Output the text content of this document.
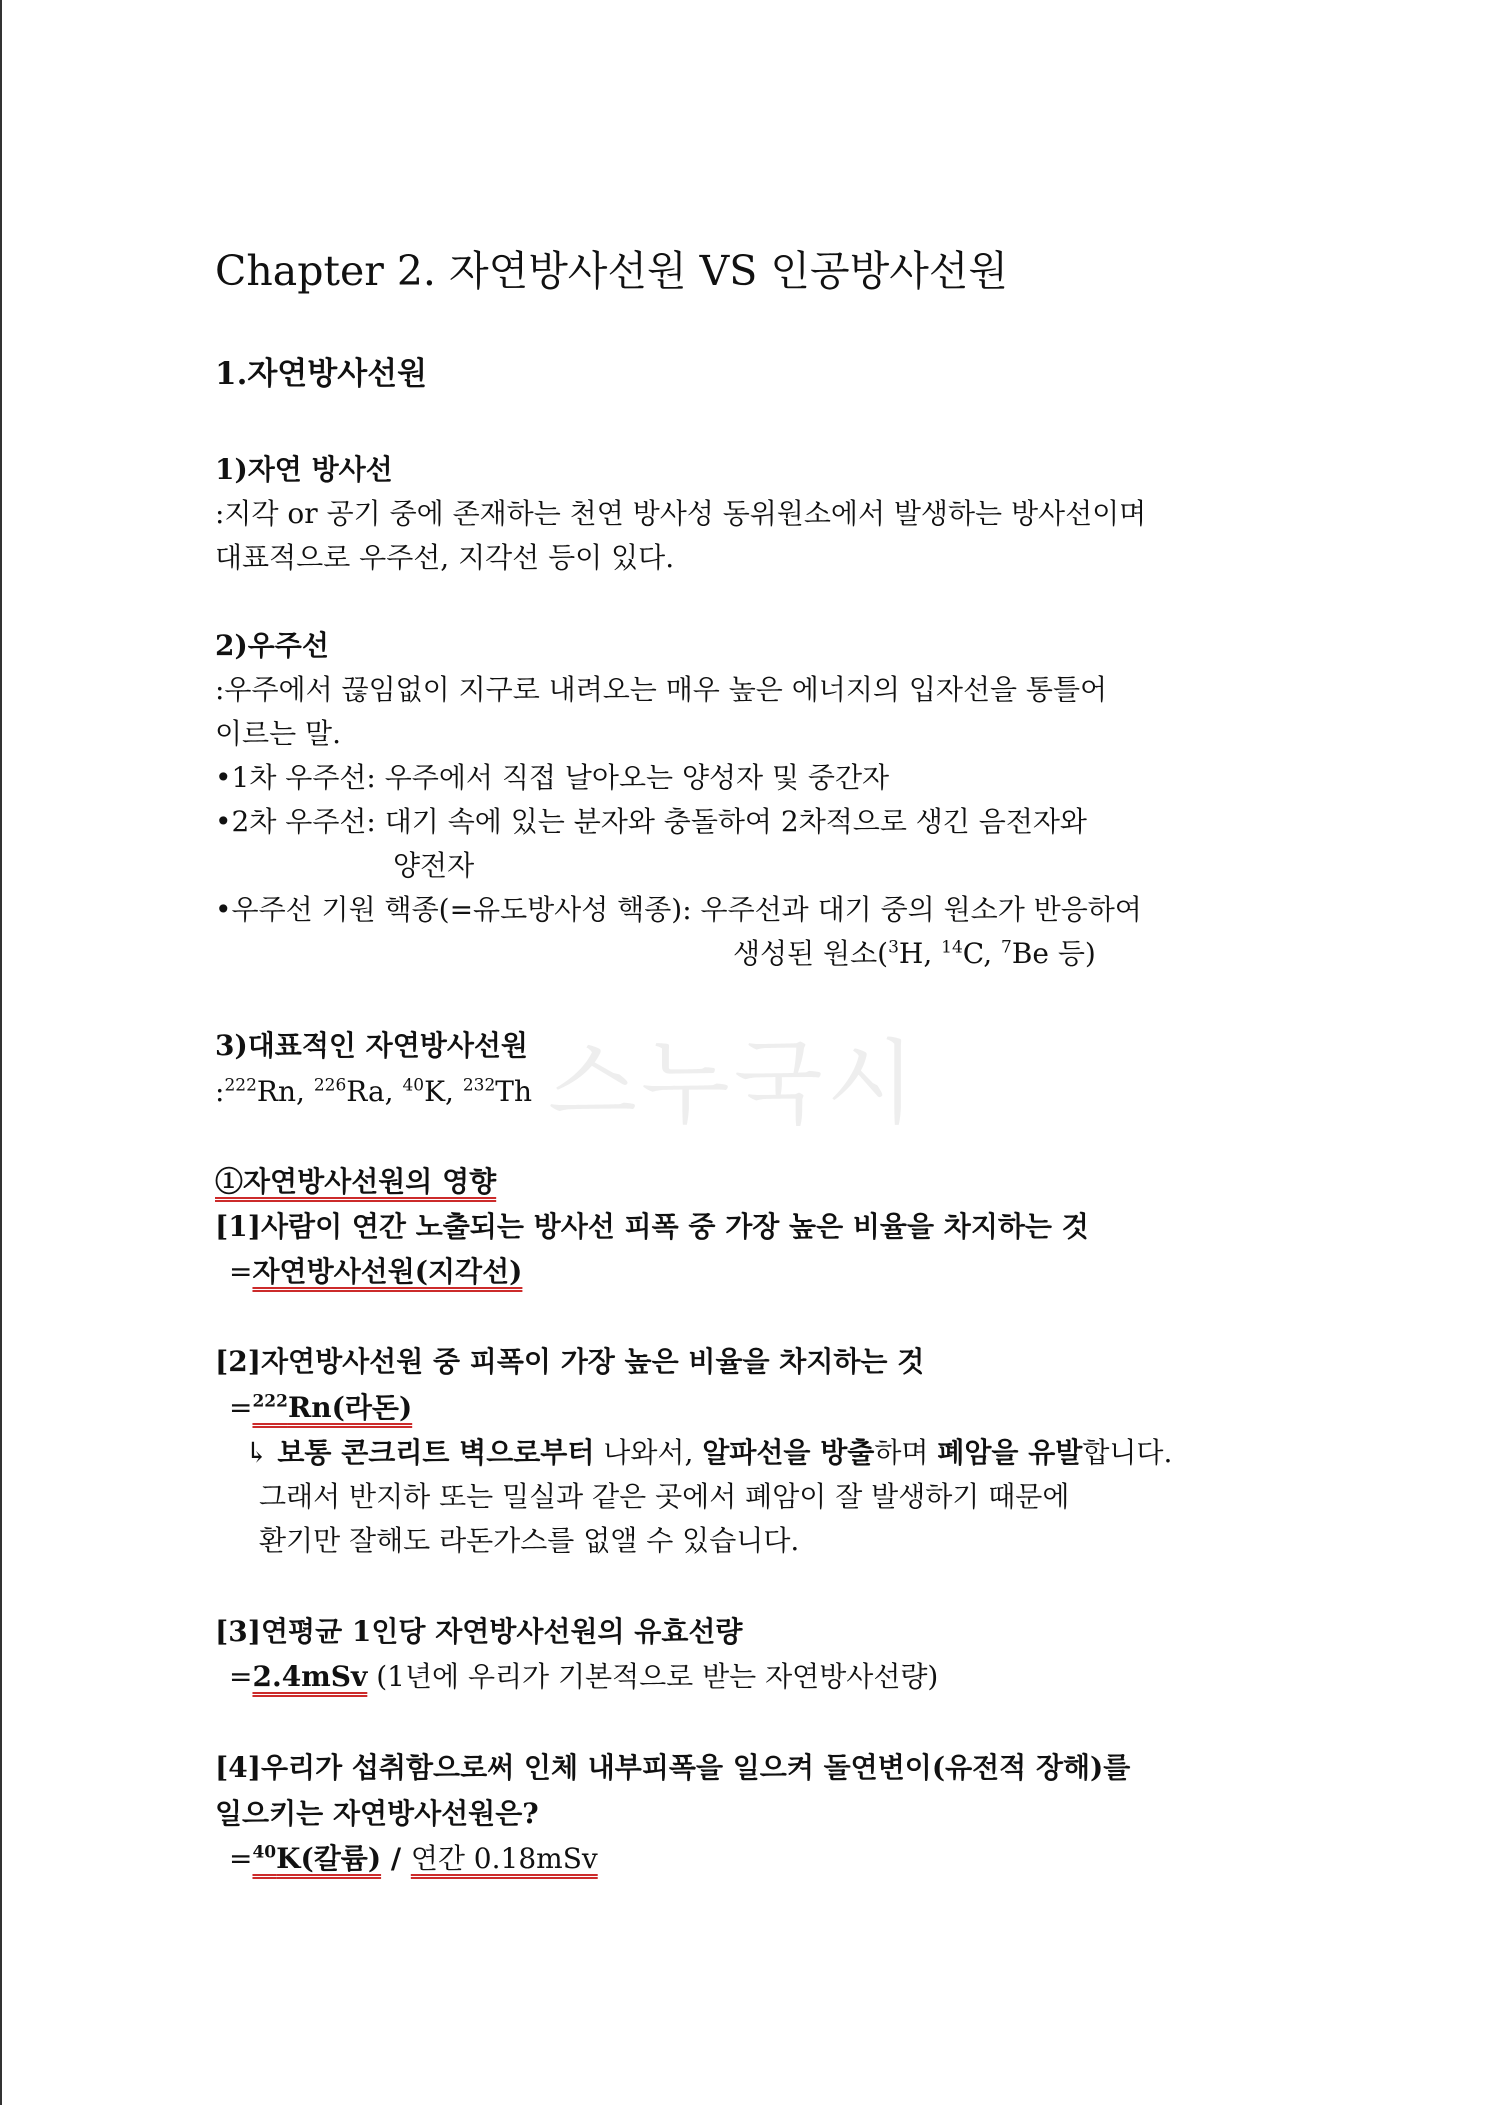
스누국시
Chapter 2. 자연방사선원 VS 인공방사선원
1.자연방사선원
1)자연 방사선
:지각 or 공기 중에 존재하는 천연 방사성 동위원소에서 발생하는 방사선이며
대표적으로 우주선, 지각선 등이 있다.
2)우주선
:우주에서 끊임없이 지구로 내려오는 매우 높은 에너지의 입자선을 통틀어
이르는 말.
•1차 우주선: 우주에서 직접 날아오는 양성자 및 중간자
•2차 우주선: 대기 속에 있는 분자와 충돌하여 2차적으로 생긴 음전자와
양전자
•우주선 기원 핵종(=유도방사성 핵종): 우주선과 대기 중의 원소가 반응하여
생성된 원소($^3$H, $^{14}$C, $^7$Be 등)
3)대표적인 자연방사선원
:$^{222}$Rn, $^{226}$Ra, $^{40}$K, $^{232}$Th
①자연방사선원의 영향
[1]사람이 연간 노출되는 방사선 피폭 중 가장 높은 비율을 차지하는 것
=자연방사선원(지각선)
[2]자연방사선원 중 피폭이 가장 높은 비율을 차지하는 것
=$^{222}$Rn(라돈)
↳ 보통 콘크리트 벽으로부터 나와서, 알파선을 방출하며 폐암을 유발합니다.
그래서 반지하 또는 밀실과 같은 곳에서 폐암이 잘 발생하기 때문에
환기만 잘해도 라돈가스를 없앨 수 있습니다.
[3]연평균 1인당 자연방사선원의 유효선량
=2.4mSv (1년에 우리가 기본적으로 받는 자연방사선량)
[4]우리가 섭취함으로써 인체 내부피폭을 일으켜 돌연변이(유전적 장해)를
일으키는 자연방사선원은?
=$^{40}$K(칼륨) / 연간 0.18mSv
